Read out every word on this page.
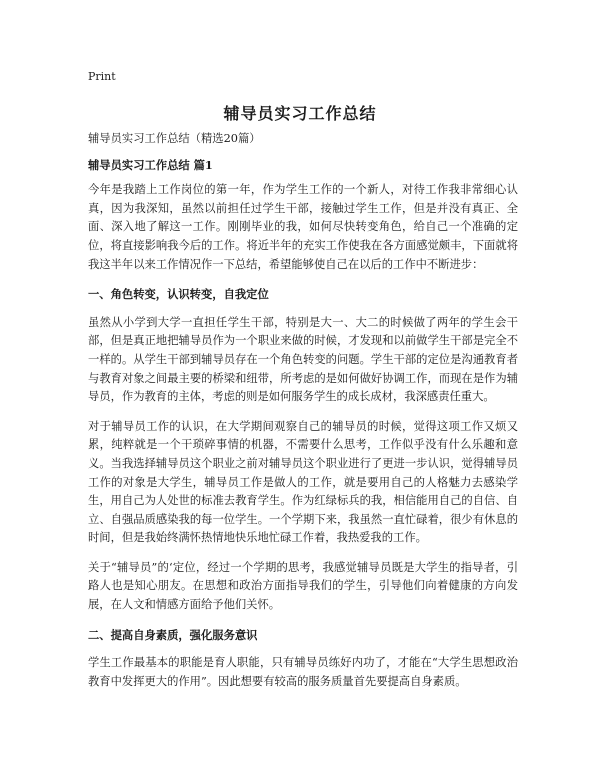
Print
辅导员实习工作总结

辅导员实习工作总结（精选20篇）

辅导员实习工作总结 篇1

今年是我踏上工作岗位的第一年，作为学生工作的一个新人，对待工作我非常细心认真，因为我深知，虽然以前担任过学生干部，接触过学生工作，但是并没有真正、全面、深入地了解这一工作。刚刚毕业的我，如何尽快转变角色，给自己一个准确的定位，将直接影响我今后的工作。将近半年的充实工作使我在各方面感觉颇丰，下面就将我这半年以来工作情况作一下总结，希望能够使自己在以后的工作中不断进步：

一、角色转变，认识转变，自我定位

虽然从小学到大学一直担任学生干部，特别是大一、大二的时候做了两年的学生会干部，但是真正地把辅导员作为一个职业来做的时候，才发现和以前做学生干部是完全不一样的。从学生干部到辅导员存在一个角色转变的问题。学生干部的定位是沟通教育者与教育对象之间最主要的桥梁和纽带，所考虑的是如何做好协调工作，而现在是作为辅导员，作为教育的主体，考虑的则是如何服务学生的成长成材，我深感责任重大。

对于辅导员工作的认识，在大学期间观察自己的辅导员的时候，觉得这项工作又烦又累，纯粹就是一个干琐碎事情的机器，不需要什么思考，工作似乎没有什么乐趣和意义。当我选择辅导员这个职业之前对辅导员这个职业进行了更进一步认识，觉得辅导员工作的对象是大学生，辅导员工作是做人的工作，就是要用自己的人格魅力去感染学生，用自己为人处世的标准去教育学生。作为红绿标兵的我，相信能用自己的自信、自立、自强品质感染我的每一位学生。一个学期下来，我虽然一直忙碌着，很少有休息的时间，但是我始终满怀热情地快乐地忙碌工作着，我热爱我的工作。

关于“辅导员”的‘定位，经过一个学期的思考，我感觉辅导员既是大学生的指导者，引路人也是知心朋友。在思想和政治方面指导我们的学生，引导他们向着健康的方向发展，在人文和情感方面给予他们关怀。

二、提高自身素质，强化服务意识

学生工作最基本的职能是育人职能，只有辅导员练好内功了，才能在“大学生思想政治教育中发挥更大的作用”。因此想要有较高的服务质量首先要提高自身素质。
